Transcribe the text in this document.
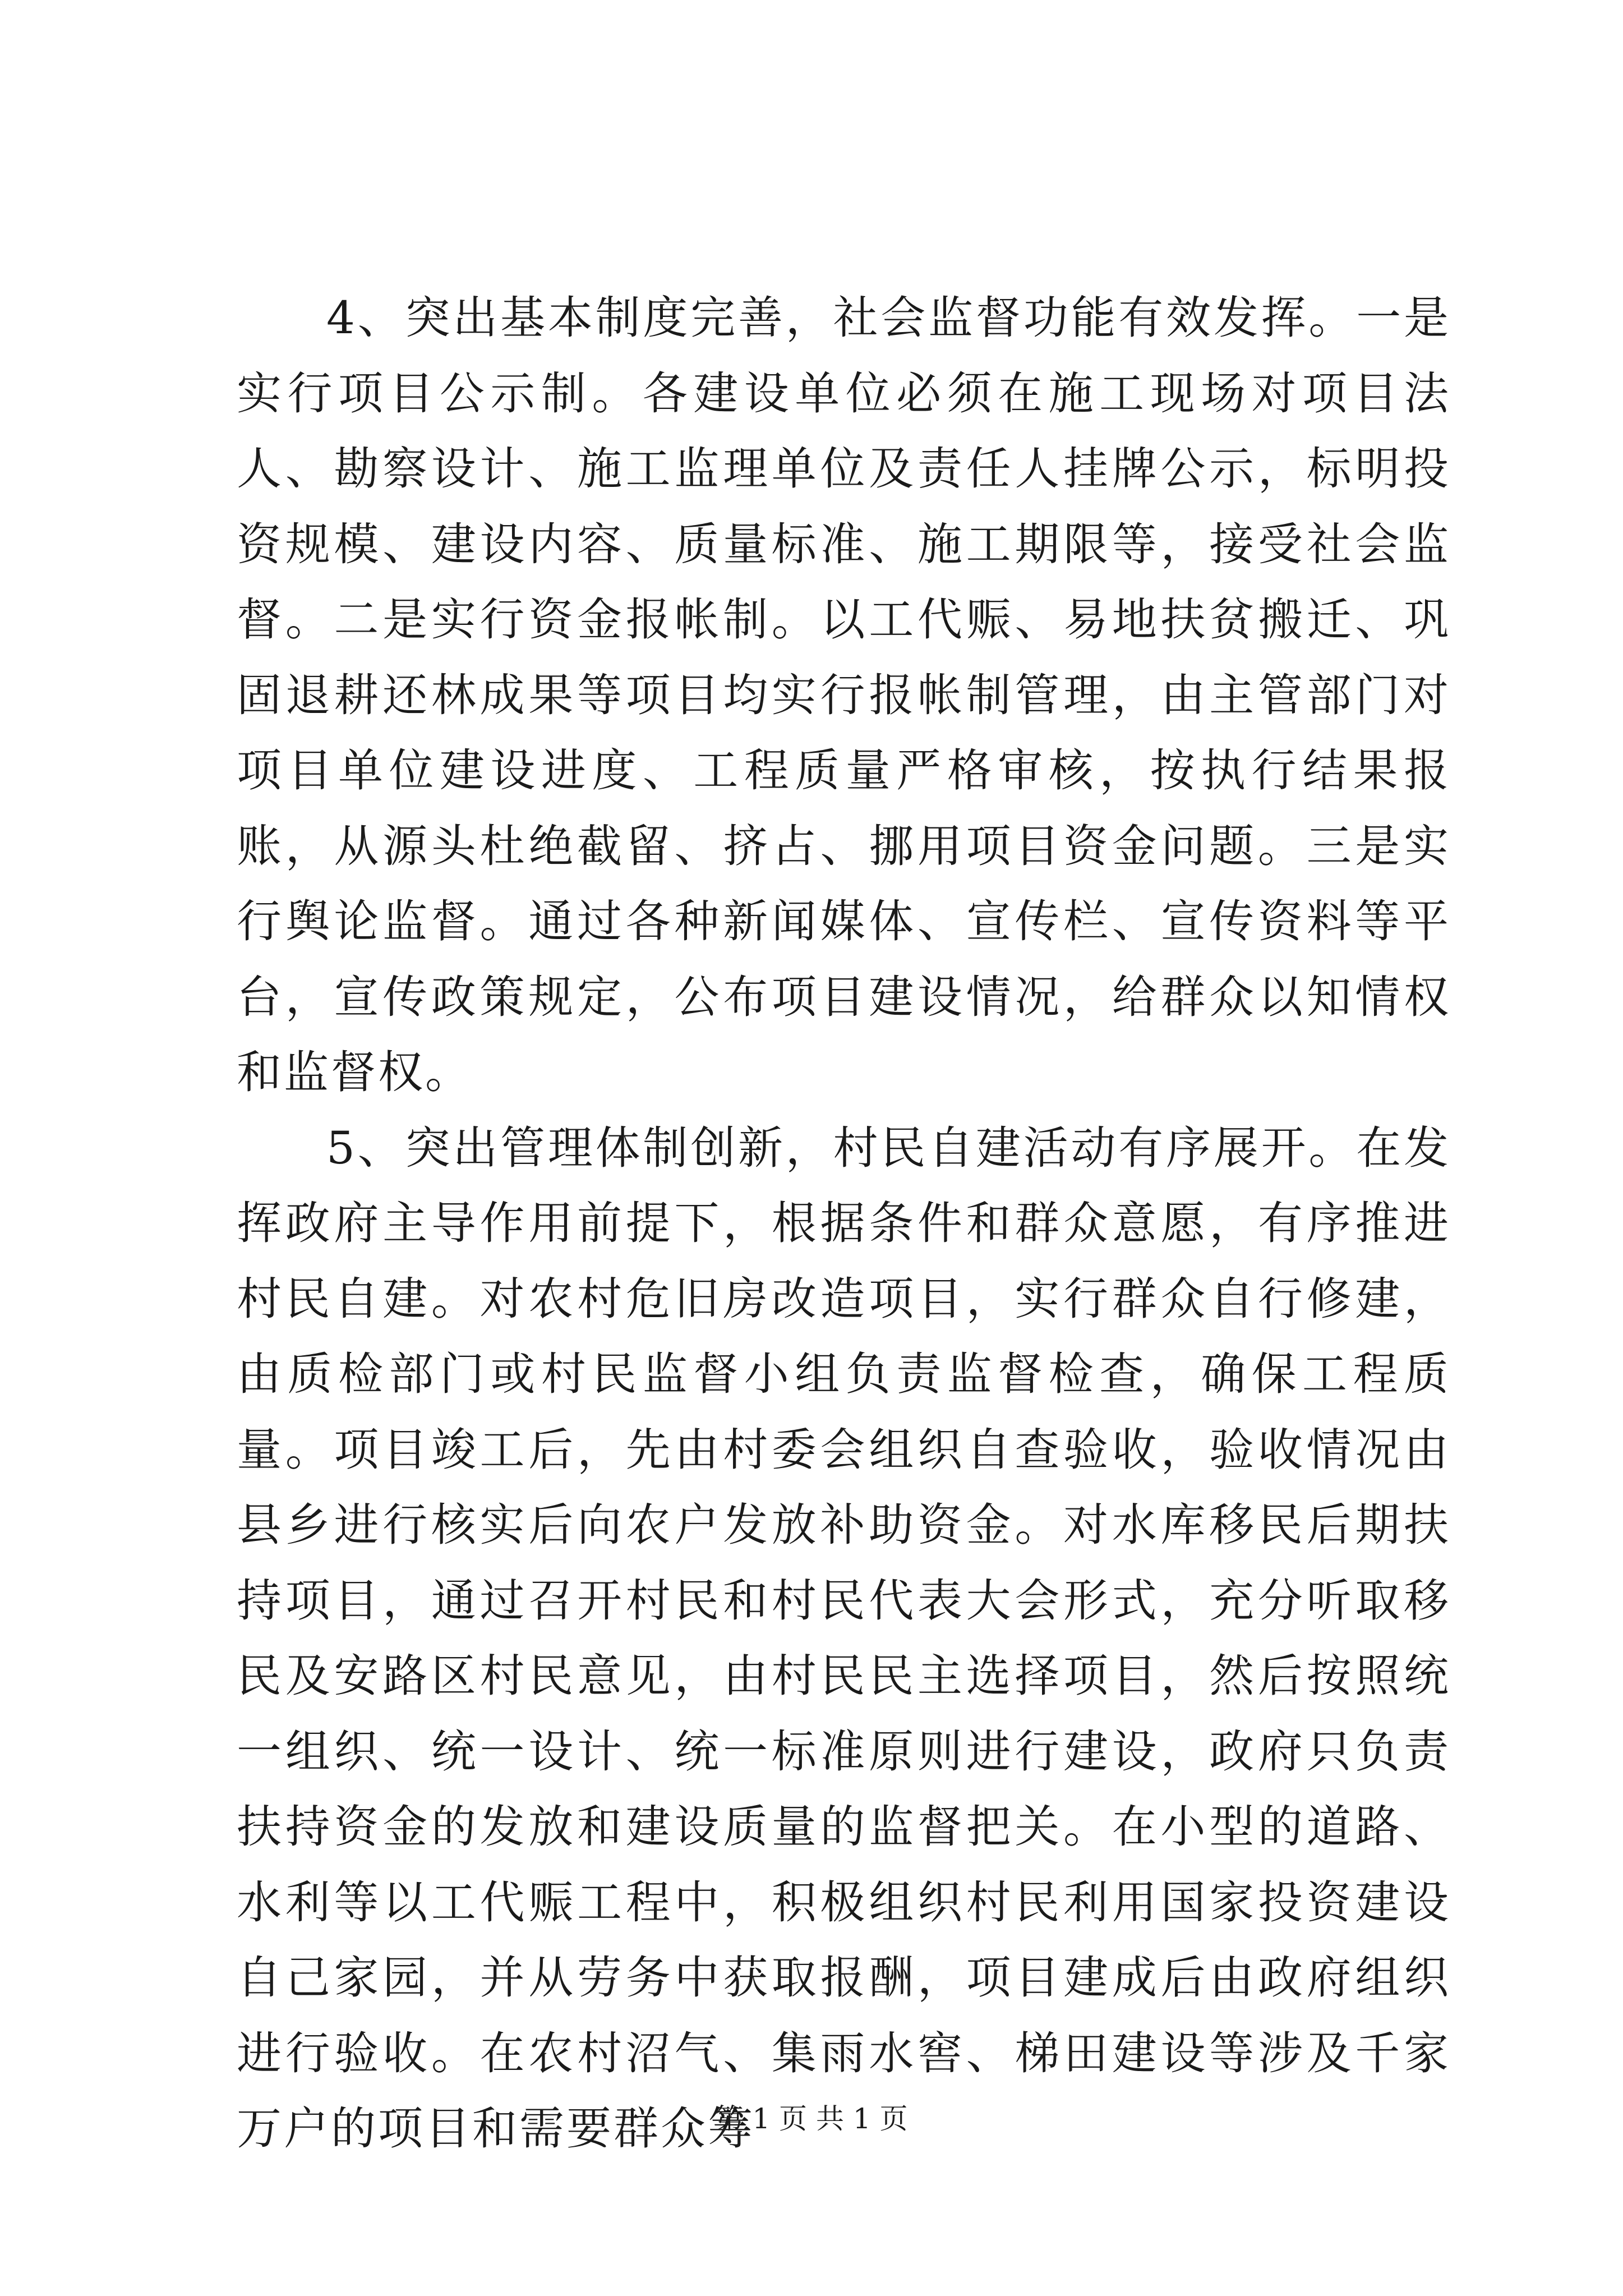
4、突出基本制度完善，社会监督功能有效发挥。一是实行项目公示制。各建设单位必须在施工现场对项目法人、勘察设计、施工监理单位及责任人挂牌公示，标明投资规模、建设内容、质量标准、施工期限等，接受社会监督。二是实行资金报帐制。以工代赈、易地扶贫搬迁、巩固退耕还林成果等项目均实行报帐制管理，由主管部门对项目单位建设进度、工程质量严格审核，按执行结果报账，从源头杜绝截留、挤占、挪用项目资金问题。三是实行舆论监督。通过各种新闻媒体、宣传栏、宣传资料等平台，宣传政策规定，公布项目建设情况，给群众以知情权和监督权。

5、突出管理体制创新，村民自建活动有序展开。在发挥政府主导作用前提下，根据条件和群众意愿，有序推进村民自建。对农村危旧房改造项目，实行群众自行修建，由质检部门或村民监督小组负责监督检查，确保工程质量。项目竣工后，先由村委会组织自查验收，验收情况由县乡进行核实后向农户发放补助资金。对水库移民后期扶持项目，通过召开村民和村民代表大会形式，充分听取移民及安路区村民意见，由村民民主选择项目，然后按照统一组织、统一设计、统一标准原则进行建设，政府只负责扶持资金的发放和建设质量的监督把关。在小型的道路、水利等以工代赈工程中，积极组织村民利用国家投资建设自己家园，并从劳务中获取报酬，项目建成后由政府组织进行验收。在农村沼气、集雨水窖、梯田建设等涉及千家万户的项目和需要群众筹

第 1 页 共 1 页
